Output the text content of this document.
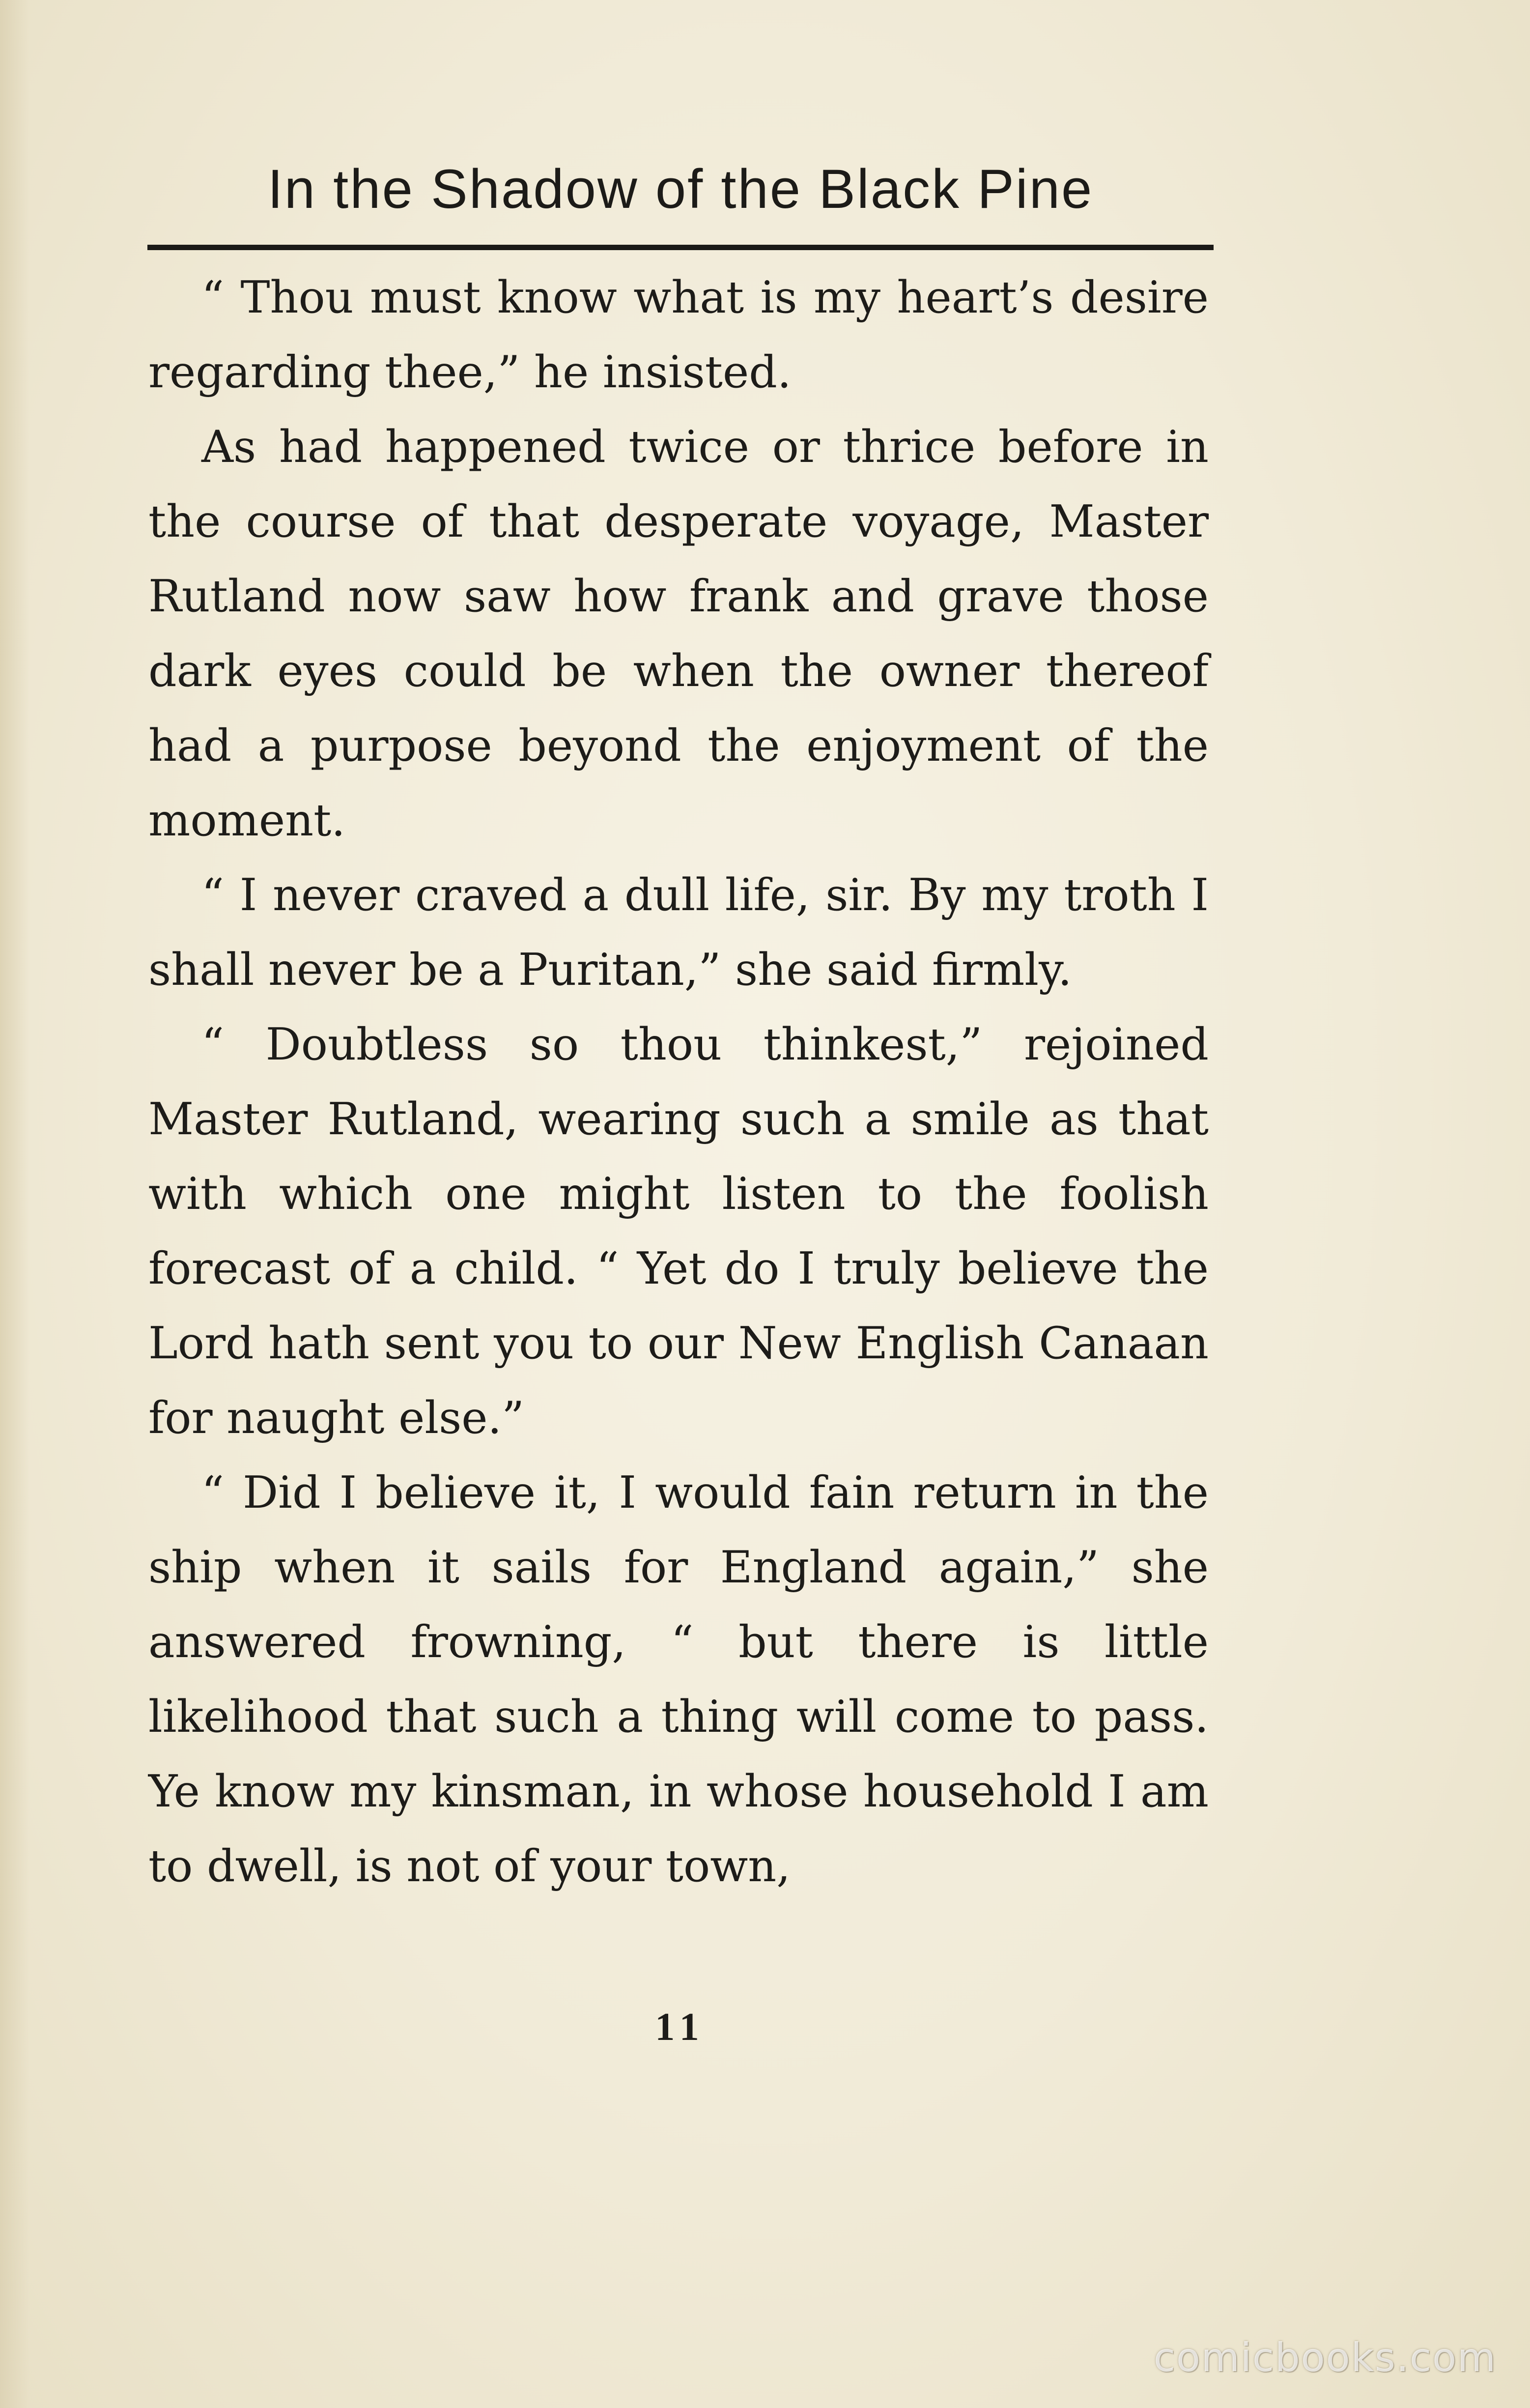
In the Shadow of the Black Pine

“ Thou must know what is my heart’s desire regarding thee,” he insisted.

As had happened twice or thrice before in the course of that desperate voyage, Master Rutland now saw how frank and grave those dark eyes could be when the owner thereof had a purpose beyond the enjoyment of the moment.

“ I never craved a dull life, sir. By my troth I shall never be a Puritan,” she said firmly.

“ Doubtless so thou thinkest,” rejoined Master Rutland, wearing such a smile as that with which one might listen to the foolish forecast of a child. “ Yet do I truly believe the Lord hath sent you to our New English Canaan for naught else.”

“ Did I believe it, I would fain return in the ship when it sails for England again,” she answered frowning, “ but there is little likelihood that such a thing will come to pass. Ye know my kinsman, in whose household I am to dwell, is not of your town,

11
comicbooks.com
